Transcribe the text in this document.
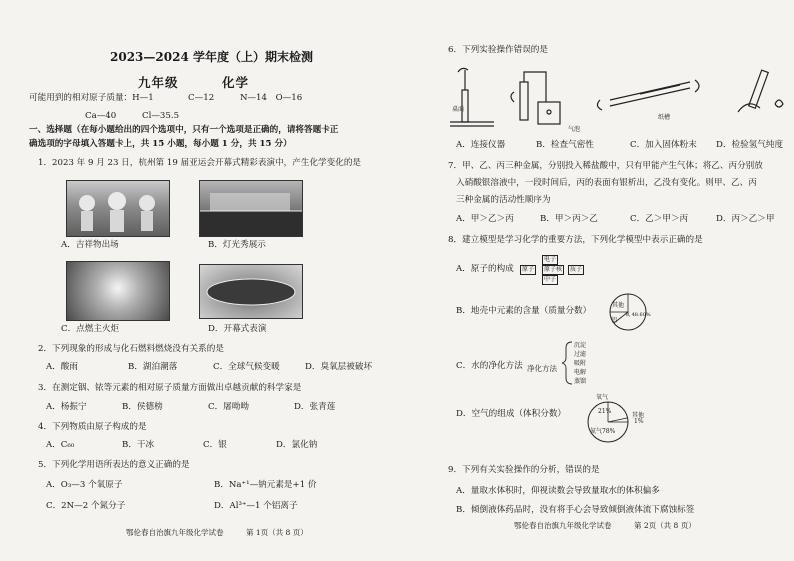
2023—2024 学年度（上）期末检测
九年级	化学
可能用到的相对原子质量：H—1　　　　C—12　　　N—14　O—16
Ca—40　　　Cl—35.5
一、选择题（在每小题给出的四个选项中，只有一个选项是正确的，请将答题卡正
确选项的字母填入答题卡上，共 15 小题，每小题 1 分，共 15 分）
1．2023 年 9 月 23 日，杭州第 19 届亚运会开幕式精彩表演中，产生化学变化的是
A．吉祥物出场	B．灯光秀展示
C．点燃主火炬	D．开幕式表演
2．下列现象的形成与化石燃料燃烧没有关系的是
A．酸雨	B．湖泊潮落	C．全球气候变暖	D．臭氧层被破坏
3．在测定铟、铱等元素的相对原子质量方面做出卓越贡献的科学家是
A．杨振宁	B．侯德榜	C．屠呦呦	D．张青莲
4．下列物质由原子构成的是
A．C₆₀	B．干冰	C．银	D．氯化钠
5．下列化学用语所表达的意义正确的是
A．O₃—3 个氧原子	B．Na⁺¹—钠元素是+1 价
C．2N—2 个氮分子	D．Al³⁺—1 个铝离子
鄂伦春自治旗九年级化学试卷　　　第 1页（共 8 页）
6．下列实验操作错误的是
桌面
气泡
纸槽
A．连接仪器	B．检查气密性	C．加入固体粉末 D．检验氢气纯度
7．甲、乙、丙三种金属，分别投入稀盐酸中，只有甲能产生气体；将乙、丙分别放
入硝酸银溶液中，一段时间后，丙的表面有银析出，乙没有变化。则甲、乙、丙
三种金属的活动性顺序为
A．甲＞乙＞丙	B．甲＞丙＞乙	C．乙＞甲＞丙	D．丙＞乙＞甲
8．建立模型是学习化学的重要方法，下列化学模型中表示正确的是
A．原子的构成	原子
电子
原子核	质子
中子
B．地壳中元素的含量（质量分数）
其他
铝
氧 48.60%
C．水的净化方法 净化方法
沉淀
过滤
吸附
电解
蒸馏
D．空气的组成（体积分数）
氧气
21%
其他
1%
氮气78%
9．下列有关实验操作的分析，错误的是
A．量取水体积时，仰视读数会导致量取水的体积偏多
B．倾倒液体药品时，没有将手心会导致倾倒液体流下腐蚀标签
鄂伦春自治旗九年级化学试卷　　　第 2页（共 8 页）
